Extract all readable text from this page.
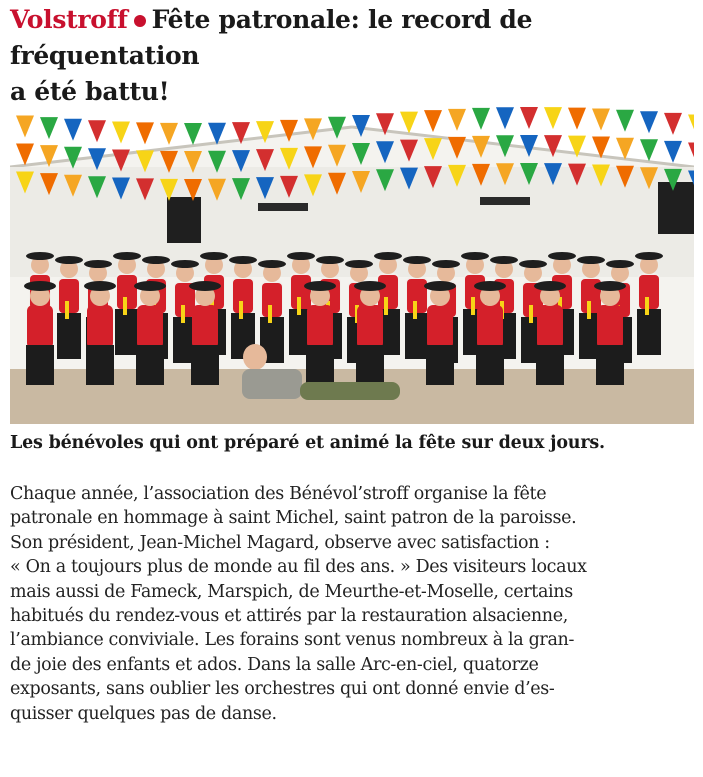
Volstroff Fête patronale: le record de fréquentation
a été battu!
Les bénévoles qui ont préparé et animé la fête sur deux jours.
Chaque année, l’association des Bénévol’stroff organise la fête
patronale en hommage à saint Michel, saint patron de la paroisse.
Son président, Jean-Michel Magard, observe avec satisfaction :
« On a toujours plus de monde au fil des ans. » Des visiteurs locaux
mais aussi de Fameck, Marspich, de Meurthe-et-Moselle, certains
habitués du rendez-vous et attirés par la restauration alsacienne,
l’ambiance conviviale. Les forains sont venus nombreux à la gran-
de joie des enfants et ados. Dans la salle Arc-en-ciel, quatorze
exposants, sans oublier les orchestres qui ont donné envie d’es-
quisser quelques pas de danse.
